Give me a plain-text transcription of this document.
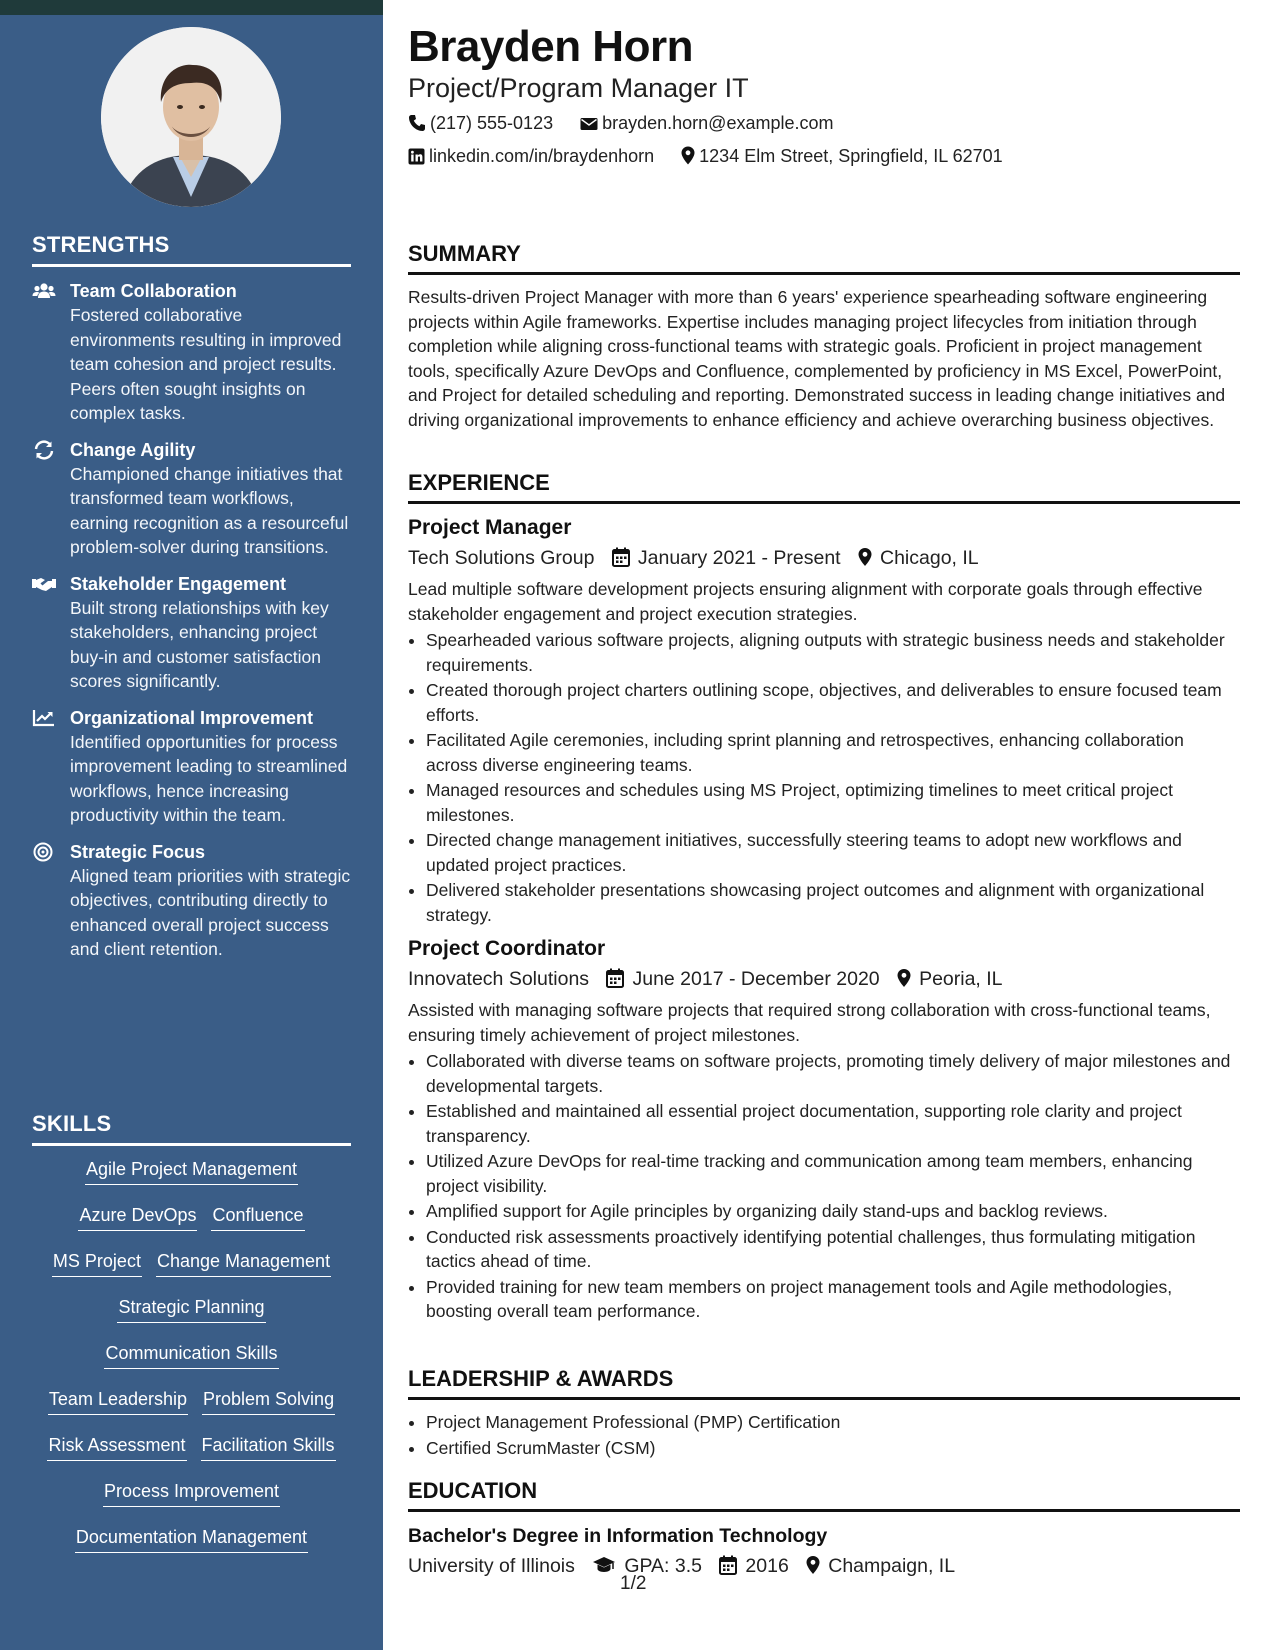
STRENGTHS
Team Collaboration
Fostered collaborative environments resulting in improved team cohesion and project results. Peers often sought insights on complex tasks.
Change Agility
Championed change initiatives that transformed team workflows, earning recognition as a resourceful problem-solver during transitions.
Stakeholder Engagement
Built strong relationships with key stakeholders, enhancing project buy-in and customer satisfaction scores significantly.
Organizational Improvement
Identified opportunities for process improvement leading to streamlined workflows, hence increasing productivity within the team.
Strategic Focus
Aligned team priorities with strategic objectives, contributing directly to enhanced overall project success and client retention.
SKILLS
Agile Project Management
Azure DevOps Confluence
MS Project Change Management
Strategic Planning
Communication Skills
Team Leadership Problem Solving
Risk Assessment Facilitation Skills
Process Improvement
Documentation Management
Brayden Horn
Project/Program Manager IT
(217) 555-0123	brayden.horn@example.com
linkedin.com/in/braydenhorn	1234 Elm Street, Springfield, IL 62701
SUMMARY

Results-driven Project Manager with more than 6 years' experience spearheading software engineering projects within Agile frameworks. Expertise includes managing project lifecycles from initiation through completion while aligning cross-functional teams with strategic goals. Proficient in project management tools, specifically Azure DevOps and Confluence, complemented by proficiency in MS Excel, PowerPoint, and Project for detailed scheduling and reporting. Demonstrated success in leading change initiatives and driving organizational improvements to enhance efficiency and achieve overarching business objectives.

EXPERIENCE
Project Manager
Tech Solutions Group January 2021 - Present Chicago, IL

Lead multiple software development projects ensuring alignment with corporate goals through effective stakeholder engagement and project execution strategies.

• Spearheaded various software projects, aligning outputs with strategic business needs and stakeholder requirements.
• Created thorough project charters outlining scope, objectives, and deliverables to ensure focused team efforts.
• Facilitated Agile ceremonies, including sprint planning and retrospectives, enhancing collaboration across diverse engineering teams.
• Managed resources and schedules using MS Project, optimizing timelines to meet critical project milestones.
• Directed change management initiatives, successfully steering teams to adopt new workflows and updated project practices.
• Delivered stakeholder presentations showcasing project outcomes and alignment with organizational strategy.
Project Coordinator
Innovatech Solutions June 2017 - December 2020 Peoria, IL

Assisted with managing software projects that required strong collaboration with cross-functional teams, ensuring timely achievement of project milestones.

• Collaborated with diverse teams on software projects, promoting timely delivery of major milestones and developmental targets.
• Established and maintained all essential project documentation, supporting role clarity and project transparency.
• Utilized Azure DevOps for real-time tracking and communication among team members, enhancing project visibility.
• Amplified support for Agile principles by organizing daily stand-ups and backlog reviews.
• Conducted risk assessments proactively identifying potential challenges, thus formulating mitigation tactics ahead of time.
• Provided training for new team members on project management tools and Agile methodologies, boosting overall team performance.
LEADERSHIP & AWARDS
• Project Management Professional (PMP) Certification
• Certified ScrumMaster (CSM)
EDUCATION
Bachelor's Degree in Information Technology
University of Illinois	GPA: 3.5 2016 Champaign, IL
1/2
